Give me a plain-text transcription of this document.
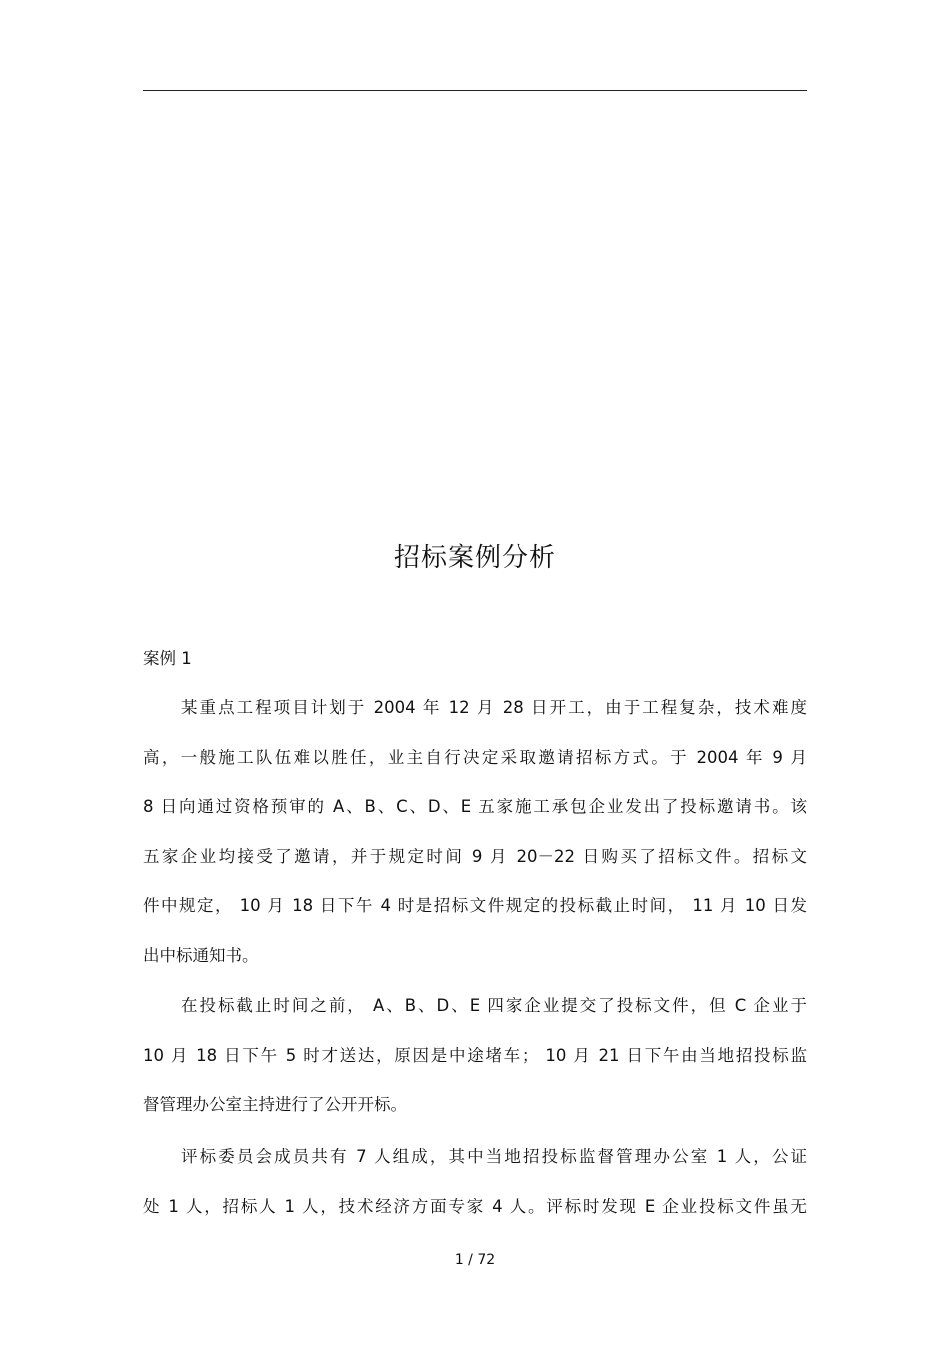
招标案例分析

案例 1

某重点工程项目计划于 2004 年 12 月 28 日开工，由于工程复杂，技术难度
高，一般施工队伍难以胜任，业主自行决定采取邀请招标方式。于 2004 年 9 月
8 日向通过资格预审的 A、B、C、D、E 五家施工承包企业发出了投标邀请书。该
五家企业均接受了邀请，并于规定时间 9 月 20－22 日购买了招标文件。招标文
件中规定， 10 月 18 日下午 4 时是招标文件规定的投标截止时间， 11 月 10 日发
出中标通知书。
在投标截止时间之前， A、B、D、E 四家企业提交了投标文件，但 C 企业于
10 月 18 日下午 5 时才送达，原因是中途堵车； 10 月 21 日下午由当地招投标监
督管理办公室主持进行了公开开标。
评标委员会成员共有 7 人组成，其中当地招投标监督管理办公室 1 人，公证
处 1 人，招标人 1 人，技术经济方面专家 4 人。评标时发现 E 企业投标文件虽无
1 / 72
